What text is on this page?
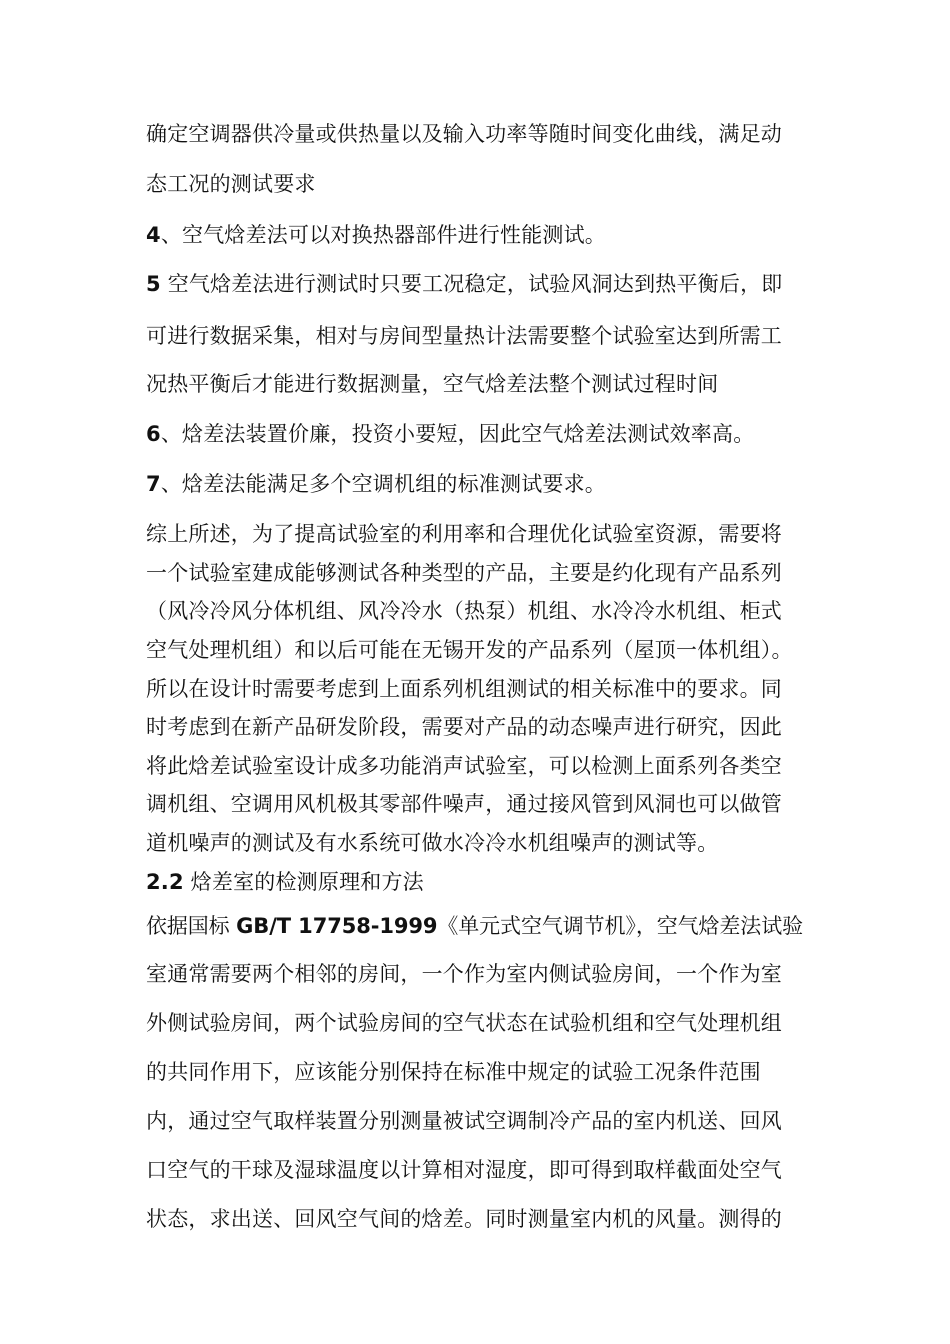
确定空调器供冷量或供热量以及输入功率等随时间变化曲线，满足动
态工况的测试要求
4、空气焓差法可以对换热器部件进行性能测试。
5 空气焓差法进行测试时只要工况稳定，试验风洞达到热平衡后，即
可进行数据采集，相对与房间型量热计法需要整个试验室达到所需工
况热平衡后才能进行数据测量，空气焓差法整个测试过程时间
6、焓差法装置价廉，投资小要短，因此空气焓差法测试效率高。
7、焓差法能满足多个空调机组的标准测试要求。
综上所述，为了提高试验室的利用率和合理优化试验室资源，需要将
一个试验室建成能够测试各种类型的产品，主要是约化现有产品系列
（风冷冷风分体机组、风冷冷水（热泵）机组、水冷冷水机组、柜式
空气处理机组）和以后可能在无锡开发的产品系列（屋顶一体机组）。
所以在设计时需要考虑到上面系列机组测试的相关标准中的要求。同
时考虑到在新产品研发阶段，需要对产品的动态噪声进行研究，因此
将此焓差试验室设计成多功能消声试验室，可以检测上面系列各类空
调机组、空调用风机极其零部件噪声，通过接风管到风洞也可以做管
道机噪声的测试及有水系统可做水冷冷水机组噪声的测试等。
2.2 焓差室的检测原理和方法
依据国标 GB/T 17758-1999《单元式空气调节机》，空气焓差法试验
室通常需要两个相邻的房间，一个作为室内侧试验房间，一个作为室
外侧试验房间，两个试验房间的空气状态在试验机组和空气处理机组
的共同作用下，应该能分别保持在标准中规定的试验工况条件范围
内，通过空气取样装置分别测量被试空调制冷产品的室内机送、回风
口空气的干球及湿球温度以计算相对湿度，即可得到取样截面处空气
状态，求出送、回风空气间的焓差。同时测量室内机的风量。测得的
